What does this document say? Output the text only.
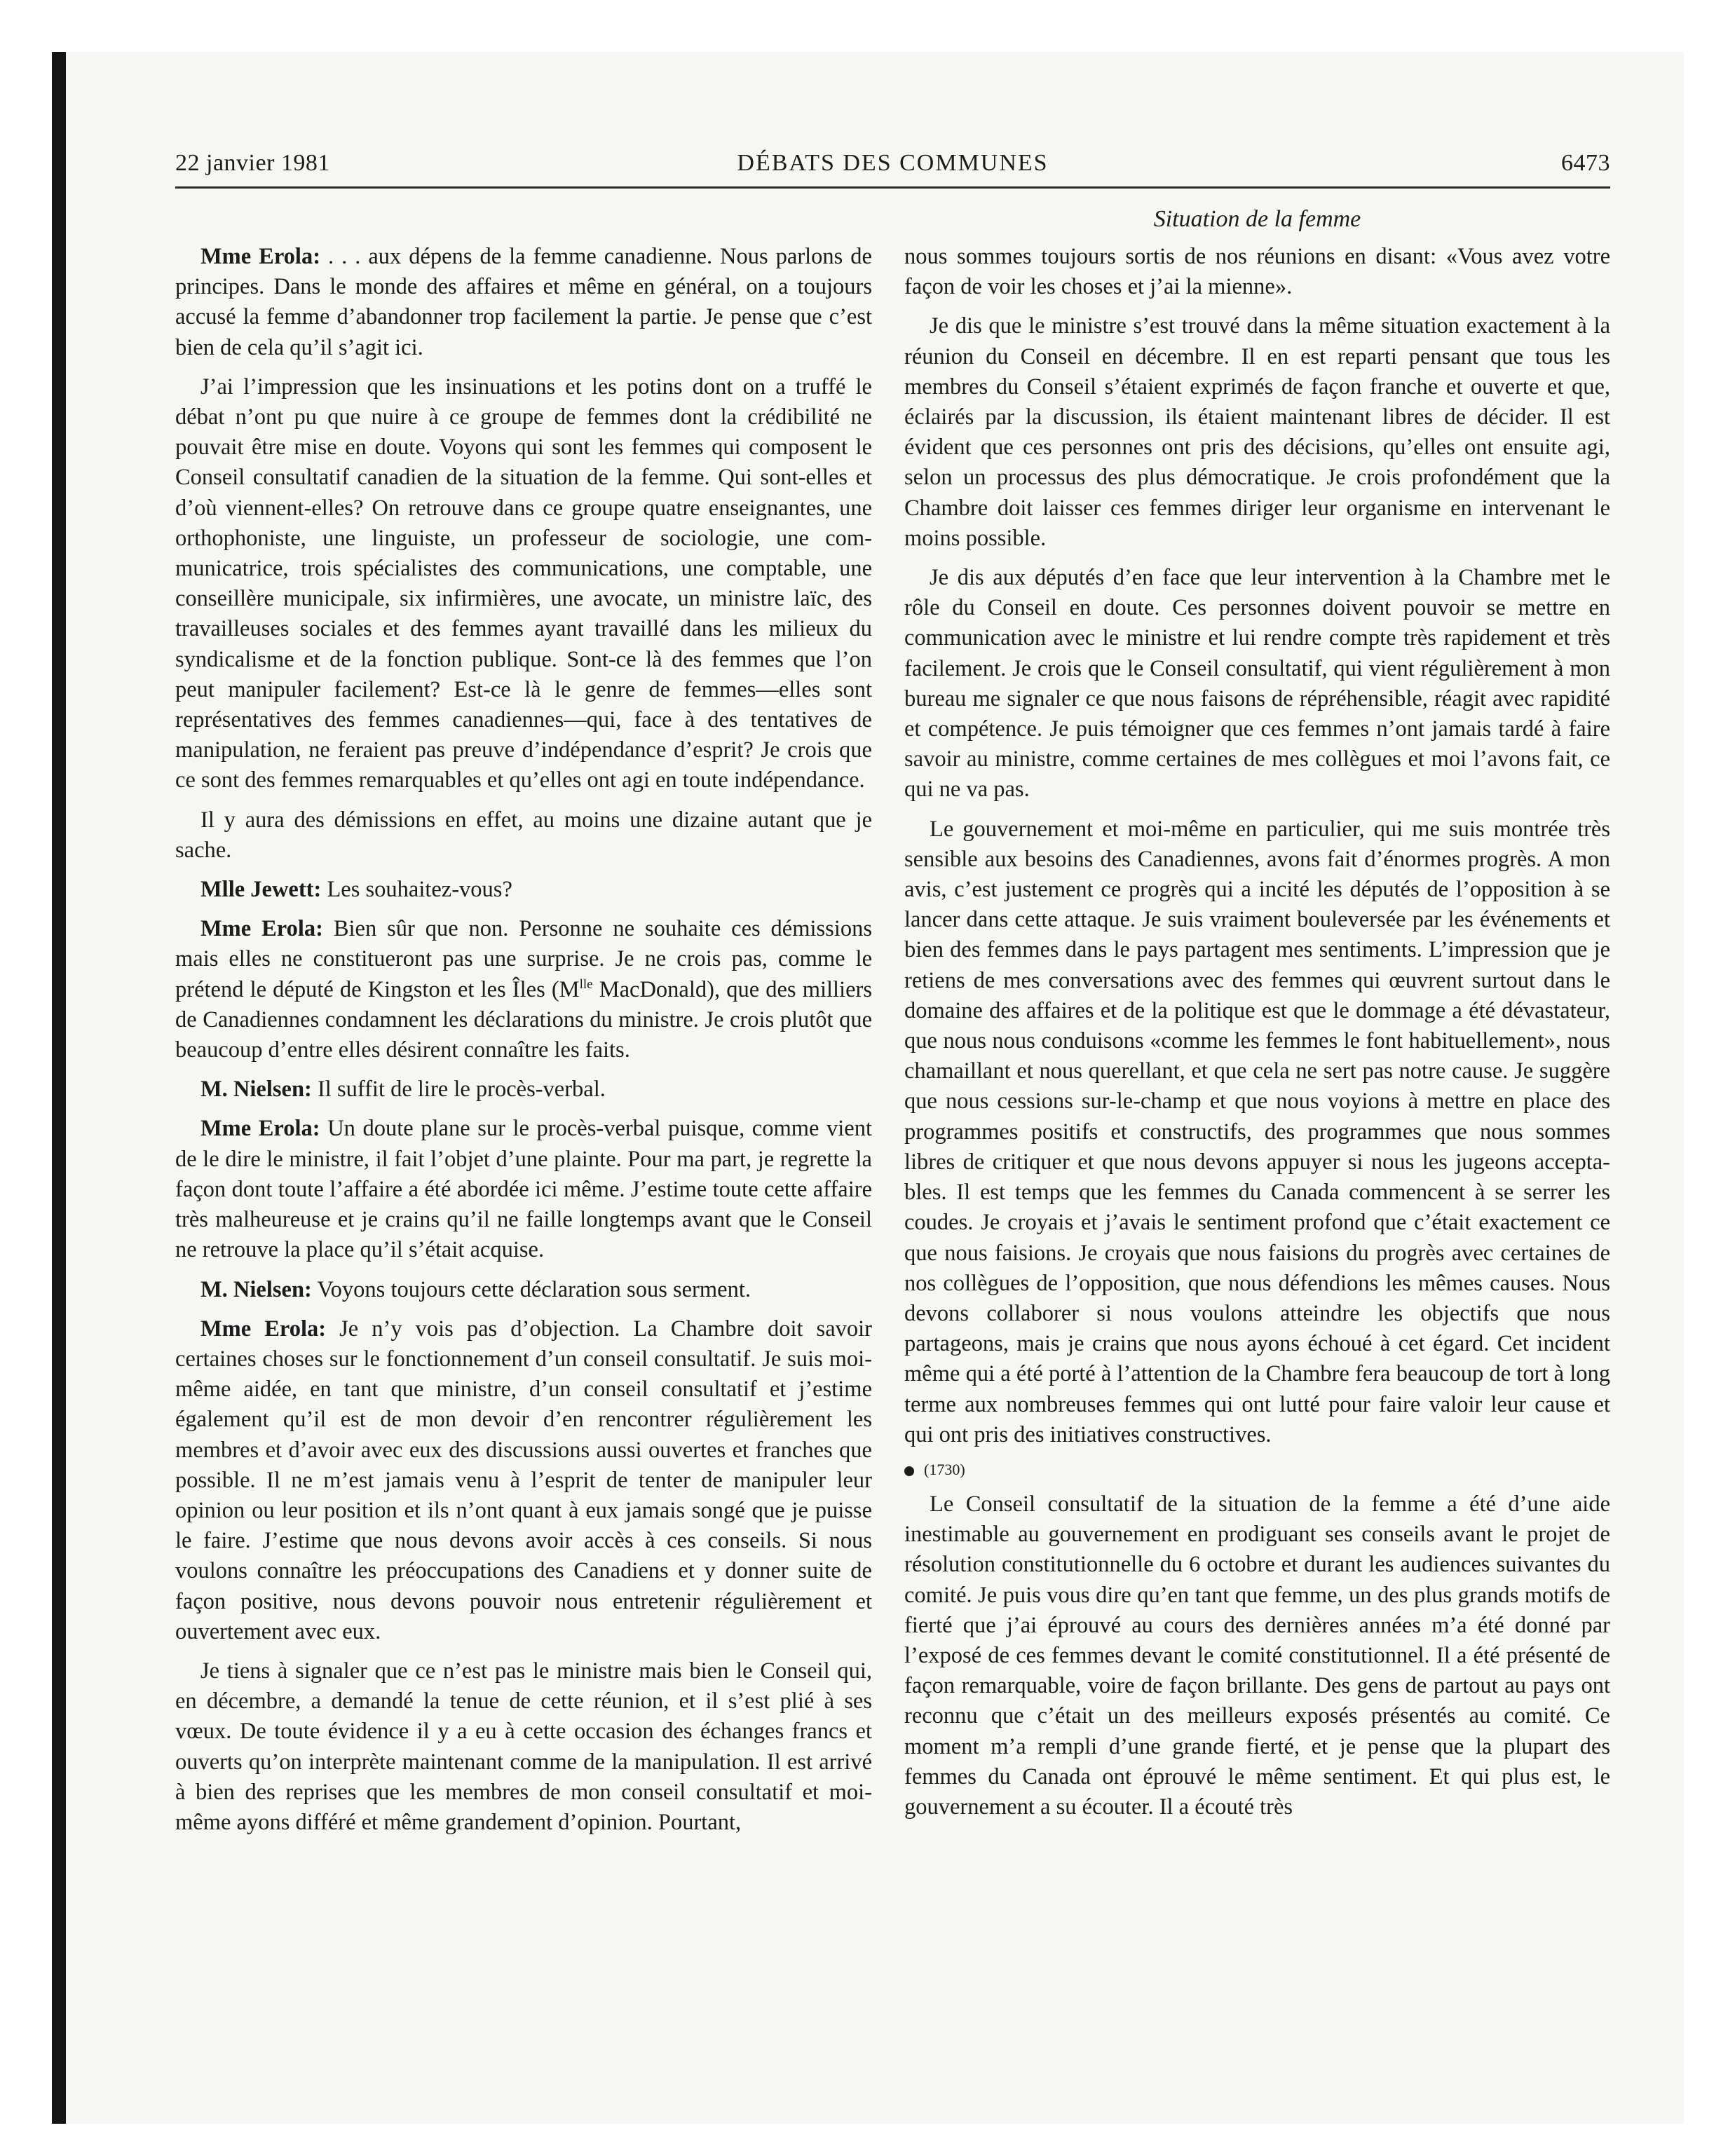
22 janvier 1981	DÉBATS DES COMMUNES	6473
Situation de la femme

Mme Erola: . . . aux dépens de la femme canadienne. Nous parlons de principes. Dans le monde des affaires et même en général, on a toujours accusé la femme d’abandonner trop facilement la partie. Je pense que c’est bien de cela qu’il s’agit ici.

J’ai l’impression que les insinuations et les potins dont on a truffé le débat n’ont pu que nuire à ce groupe de femmes dont la crédibilité ne pouvait être mise en doute. Voyons qui sont les femmes qui composent le Conseil consultatif canadien de la situation de la femme. Qui sont-elles et d’où viennent-elles? On retrouve dans ce groupe quatre enseignantes, une orthophoniste, une linguiste, un professeur de sociologie, une communicatrice, trois spécialistes des communications, une comptable, une conseillère municipale, six infirmières, une avocate, un ministre laïc, des travailleuses sociales et des femmes ayant travaillé dans les milieux du syndicalisme et de la fonction publique. Sont-ce là des femmes que l’on peut manipuler facilement? Est-ce là le genre de femmes—elles sont représentatives des femmes canadiennes—qui, face à des tentatives de manipulation, ne feraient pas preuve d’indépendance d’esprit? Je crois que ce sont des femmes remarquables et qu’elles ont agi en toute indépendance.

Il y aura des démissions en effet, au moins une dizaine autant que je sache.

Mlle Jewett: Les souhaitez-vous?

Mme Erola: Bien sûr que non. Personne ne souhaite ces démissions mais elles ne constitueront pas une surprise. Je ne crois pas, comme le prétend le député de Kingston et les Îles ($M^{lle}$ MacDonald), que des milliers de Canadiennes condamnent les déclarations du ministre. Je crois plutôt que beaucoup d’entre elles désirent connaître les faits.

M. Nielsen: Il suffit de lire le procès-verbal.

Mme Erola: Un doute plane sur le procès-verbal puisque, comme vient de le dire le ministre, il fait l’objet d’une plainte. Pour ma part, je regrette la façon dont toute l’affaire a été abordée ici même. J’estime toute cette affaire très malheureuse et je crains qu’il ne faille longtemps avant que le Conseil ne retrouve la place qu’il s’était acquise.

M. Nielsen: Voyons toujours cette déclaration sous serment.

Mme Erola: Je n’y vois pas d’objection. La Chambre doit savoir certaines choses sur le fonctionnement d’un conseil consultatif. Je suis moi-même aidée, en tant que ministre, d’un conseil consultatif et j’estime également qu’il est de mon devoir d’en rencontrer régulièrement les membres et d’avoir avec eux des discussions aussi ouvertes et franches que possible. Il ne m’est jamais venu à l’esprit de tenter de manipuler leur opinion ou leur position et ils n’ont quant à eux jamais songé que je puisse le faire. J’estime que nous devons avoir accès à ces conseils. Si nous voulons connaître les préoccupations des Canadiens et y donner suite de façon positive, nous devons pouvoir nous entretenir régulièrement et ouvertement avec eux.

Je tiens à signaler que ce n’est pas le ministre mais bien le Conseil qui, en décembre, a demandé la tenue de cette réunion, et il s’est plié à ses vœux. De toute évidence il y a eu à cette occasion des échanges francs et ouverts qu’on interprète maintenant comme de la manipulation. Il est arrivé à bien des reprises que les membres de mon conseil consultatif et moi-même ayons différé et même grandement d’opinion. Pourtant,

nous sommes toujours sortis de nos réunions en disant: «Vous avez votre façon de voir les choses et j’ai la mienne».

Je dis que le ministre s’est trouvé dans la même situation exactement à la réunion du Conseil en décembre. Il en est reparti pensant que tous les membres du Conseil s’étaient exprimés de façon franche et ouverte et que, éclairés par la discussion, ils étaient maintenant libres de décider. Il est évident que ces personnes ont pris des décisions, qu’elles ont ensuite agi, selon un processus des plus démocratique. Je crois profondément que la Chambre doit laisser ces femmes diriger leur organisme en intervenant le moins possible.

Je dis aux députés d’en face que leur intervention à la Chambre met le rôle du Conseil en doute. Ces personnes doivent pouvoir se mettre en communication avec le ministre et lui rendre compte très rapidement et très facilement. Je crois que le Conseil consultatif, qui vient régulièrement à mon bureau me signaler ce que nous faisons de répréhensible, réagit avec rapidité et compétence. Je puis témoigner que ces femmes n’ont jamais tardé à faire savoir au ministre, comme certaines de mes collègues et moi l’avons fait, ce qui ne va pas.

Le gouvernement et moi-même en particulier, qui me suis montrée très sensible aux besoins des Canadiennes, avons fait d’énormes progrès. A mon avis, c’est justement ce progrès qui a incité les députés de l’opposition à se lancer dans cette attaque. Je suis vraiment bouleversée par les événements et bien des femmes dans le pays partagent mes sentiments. L’impression que je retiens de mes conversations avec des femmes qui œuvrent surtout dans le domaine des affaires et de la politique est que le dommage a été dévastateur, que nous nous conduisons «comme les femmes le font habituellement», nous chamaillant et nous querellant, et que cela ne sert pas notre cause. Je suggère que nous cessions sur-le-champ et que nous voyions à mettre en place des programmes positifs et constructifs, des programmes que nous sommes libres de critiquer et que nous devons appuyer si nous les jugeons acceptables. Il est temps que les femmes du Canada commencent à se serrer les coudes. Je croyais et j’avais le sentiment profond que c’était exactement ce que nous faisions. Je croyais que nous faisions du progrès avec certaines de nos collègues de l’opposition, que nous défendions les mêmes causes. Nous devons collaborer si nous voulons atteindre les objectifs que nous partageons, mais je crains que nous ayons échoué à cet égard. Cet incident même qui a été porté à l’attention de la Chambre fera beaucoup de tort à long terme aux nombreuses femmes qui ont lutté pour faire valoir leur cause et qui ont pris des initiatives constructives.

(1730)

Le Conseil consultatif de la situation de la femme a été d’une aide inestimable au gouvernement en prodiguant ses conseils avant le projet de résolution constitutionnelle du 6 octobre et durant les audiences suivantes du comité. Je puis vous dire qu’en tant que femme, un des plus grands motifs de fierté que j’ai éprouvé au cours des dernières années m’a été donné par l’exposé de ces femmes devant le comité constitutionnel. Il a été présenté de façon remarquable, voire de façon brillante. Des gens de partout au pays ont reconnu que c’était un des meilleurs exposés présentés au comité. Ce moment m’a rempli d’une grande fierté, et je pense que la plupart des femmes du Canada ont éprouvé le même sentiment. Et qui plus est, le gouvernement a su écouter. Il a écouté très
